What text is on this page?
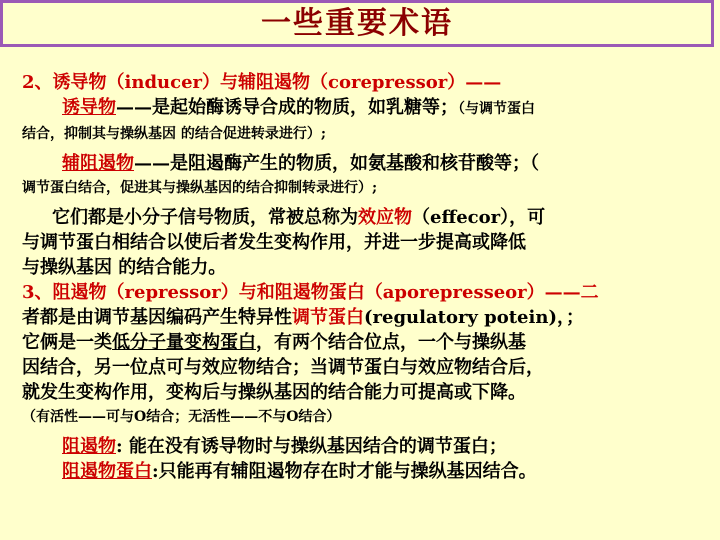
一些重要术语
2、诱导物（inducer）与辅阻遏物（corepressor）——
诱导物——是起始酶诱导合成的物质，如乳糖等；（与调节蛋白
结合，抑制其与操纵基因 的结合促进转录进行）;
辅阻遏物——是阻遏酶产生的物质，如氨基酸和核苷酸等；（
调节蛋白结合，促进其与操纵基因的结合抑制转录进行）;
它们都是小分子信号物质，常被总称为效应物（effecor），可
与调节蛋白相结合以使后者发生变构作用，并进一步提高或降低
与操纵基因 的结合能力。
3、阻遏物（repressor）与和阻遏物蛋白（aporepresseor）——二
者都是由调节基因编码产生特异性调节蛋白(regulatory potein)，；
它俩是一类低分子量变构蛋白，有两个结合位点，一个与操纵基
因结合，另一位点可与效应物结合；当调节蛋白与效应物结合后，
就发生变构作用，变构后与操纵基因的结合能力可提高或下降。
（有活性——可与O结合；无活性——不与O结合）
阻遏物: 能在没有诱导物时与操纵基因结合的调节蛋白；
阻遏物蛋白:只能再有辅阻遏物存在时才能与操纵基因结合。
